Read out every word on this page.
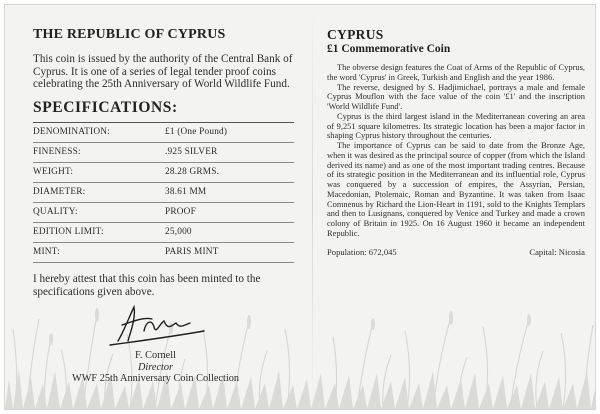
THE REPUBLIC OF CYPRUS

This coin is issued by the authority of the Central Bank of Cyprus. It is one of a series of legal tender proof coins celebrating the 25th Anniversary of World Wildlife Fund.

SPECIFICATIONS:
DENOMINATION:	£1 (One Pound)
FINENESS:	.925 SILVER
WEIGHT:	28.28 GRMS.
DIAMETER:	38.61 MM
QUALITY:	PROOF
EDITION LIMIT:	25,000
MINT:	PARIS MINT

I hereby attest that this coin has been minted to the specifications given above.

F. Cornell
Director
WWF 25th Anniversary Coin Collection
CYPRUS
£1 Commemorative Coin

The obverse design features the Coat of Arms of the Republic of Cyprus, the word 'Cyprus' in Greek, Turkish and English and the year 1986.

The reverse, designed by S. Hadjimichael, portrays a male and female Cyprus Mouflon with the face value of the coin '£1' and the inscription 'World Wildlife Fund'.

Cyprus is the third largest island in the Mediterranean covering an area of 9,251 square kilometres. Its strategic location has been a major factor in shaping Cyprus history throughout the centuries.

The importance of Cyprus can be said to date from the Bronze Age, when it was desired as the principal source of copper (from which the Island derived its name) and as one of the most important trading centres. Because of its strategic position in the Mediterranean and its influential role, Cyprus was conquered by a succession of empires, the Assyrian, Persian, Macedonian, Ptolemaic, Roman and Byzantine. It was taken from Isaac Comnenus by Richard the Lion-Heart in 1191, sold to the Knights Templars and then to Lusignans, conquered by Venice and Turkey and made a crown colony of Britain in 1925. On 16 August 1960 it became an independent Republic.

Population: 672,045	Capital: Nicosia
